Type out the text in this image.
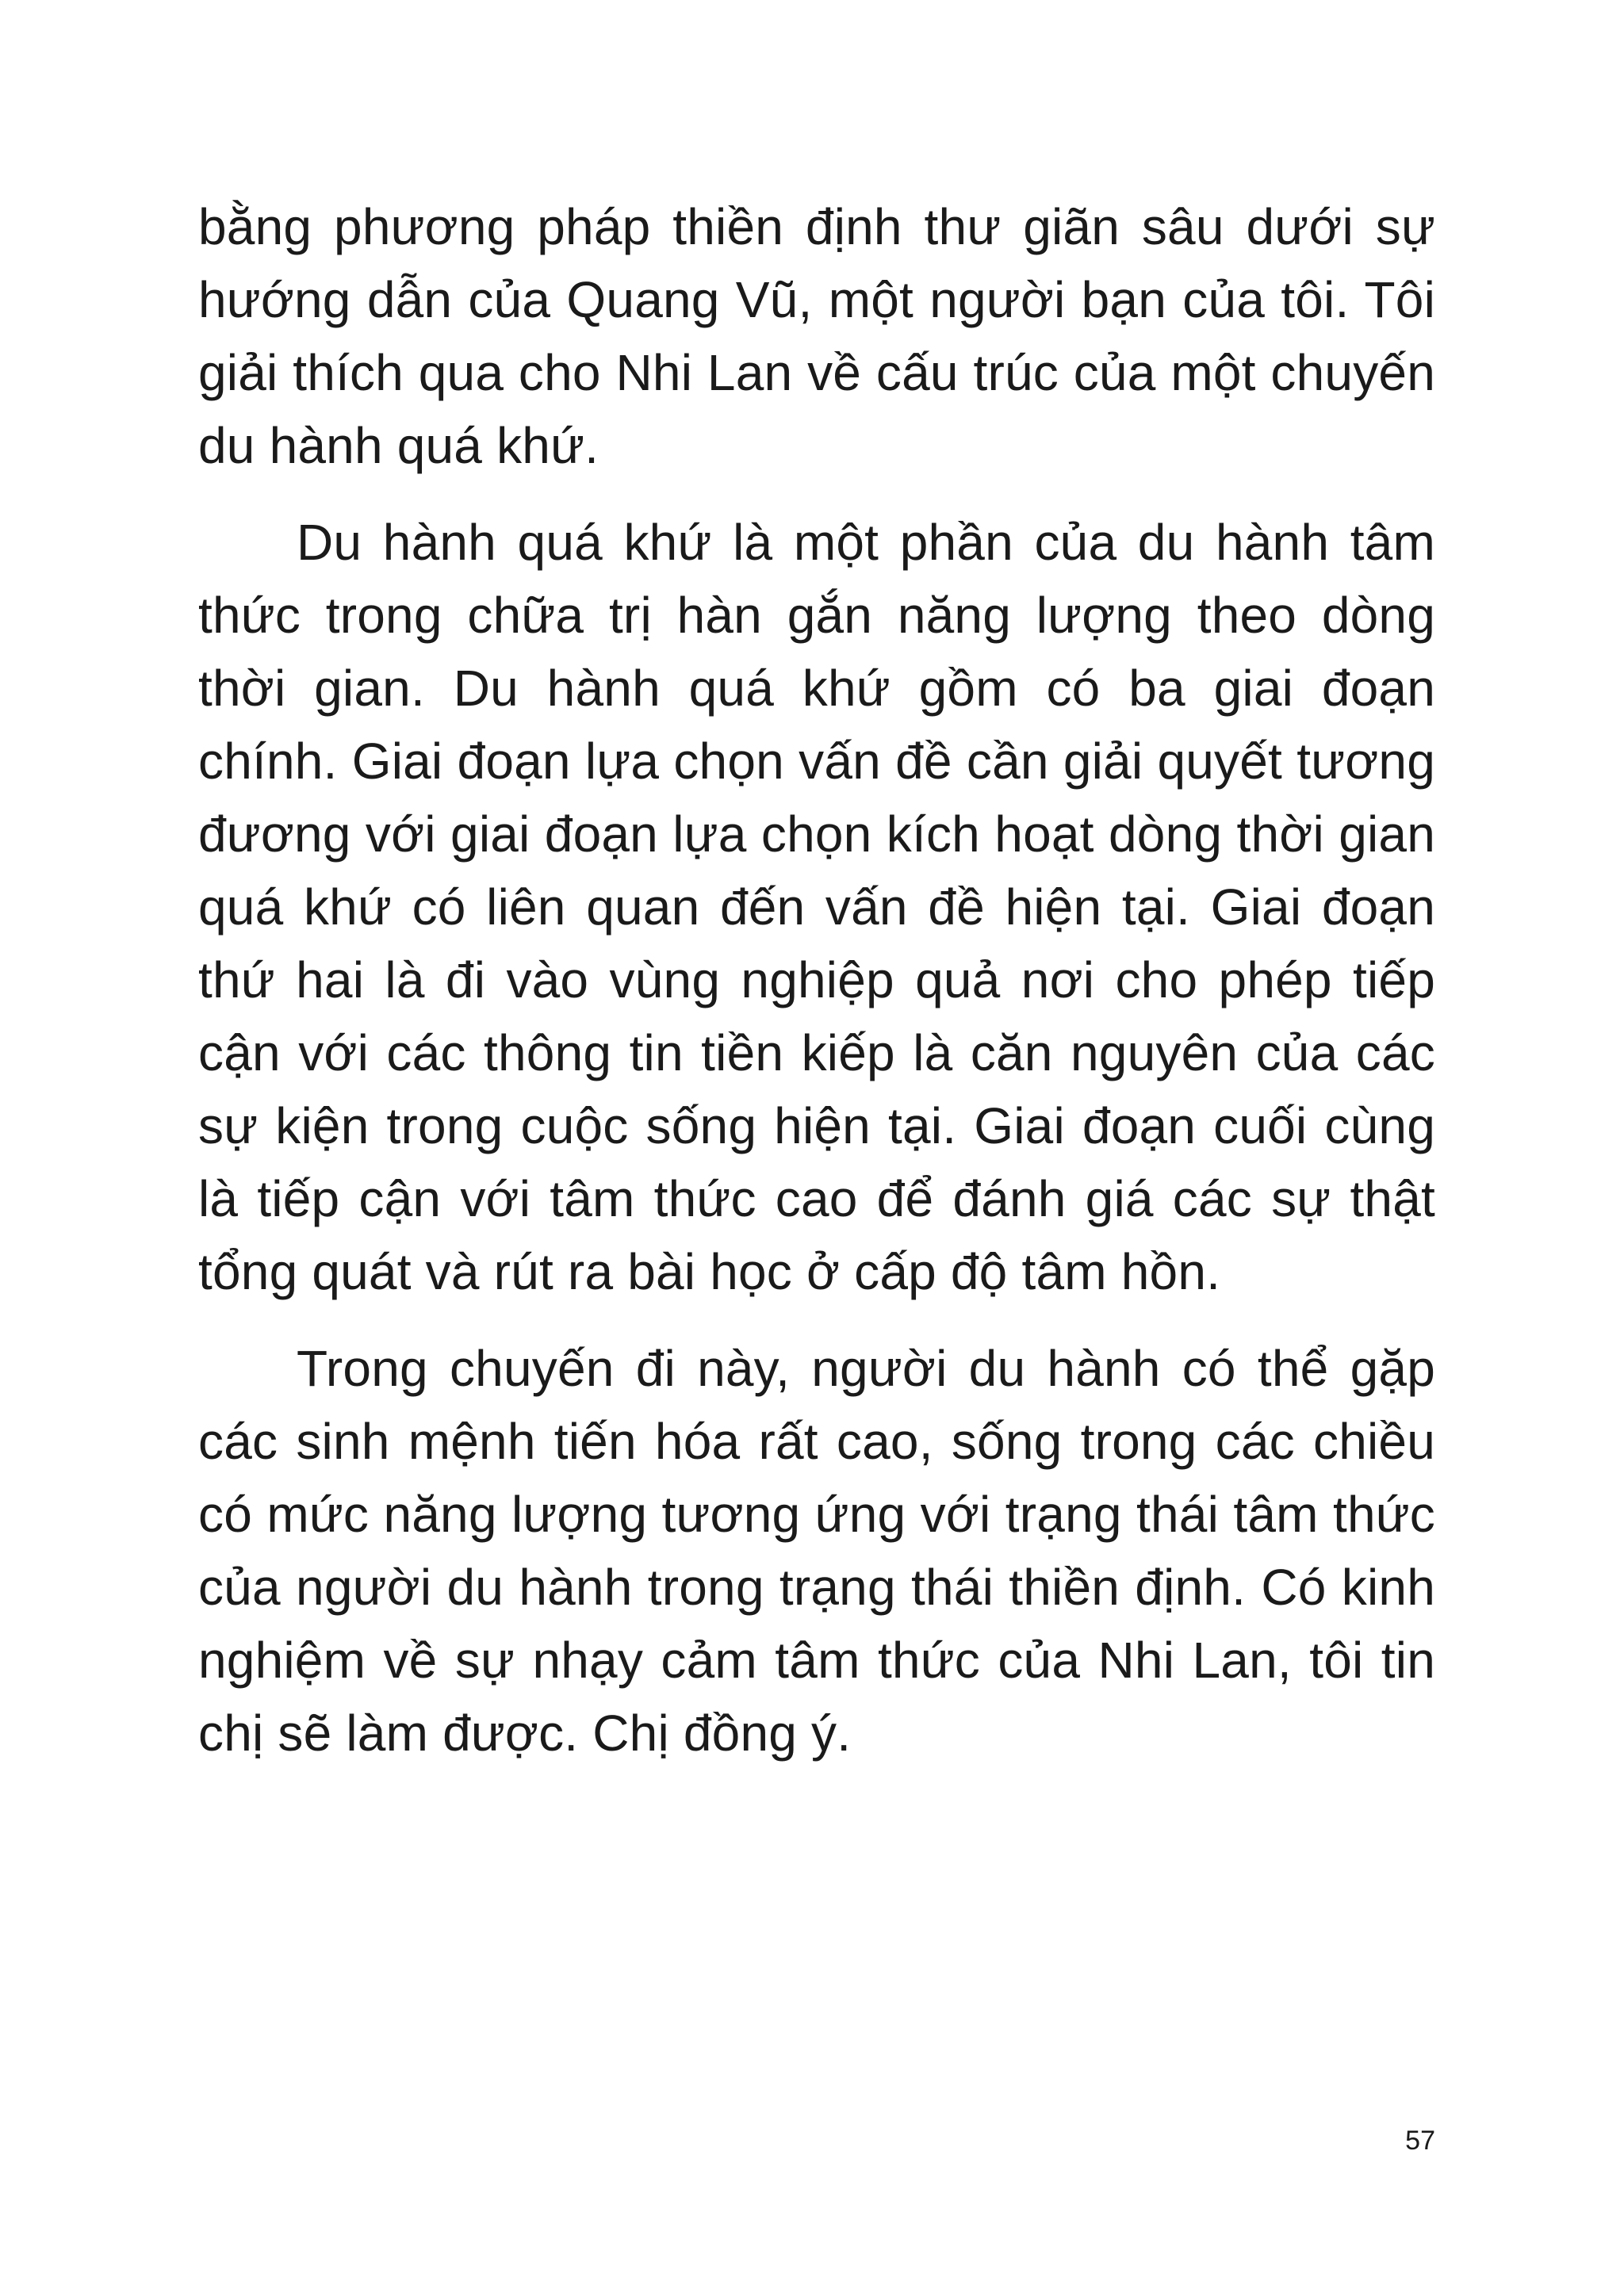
bằng phương pháp thiền định thư giãn sâu dưới sự hướng dẫn của Quang Vũ, một người bạn của tôi. Tôi giải thích qua cho Nhi Lan về cấu trúc của một chuyến du hành quá khứ.

Du hành quá khứ là một phần của du hành tâm thức trong chữa trị hàn gắn năng lượng theo dòng thời gian. Du hành quá khứ gồm có ba giai đoạn chính. Giai đoạn lựa chọn vấn đề cần giải quyết tương đương với giai đoạn lựa chọn kích hoạt dòng thời gian quá khứ có liên quan đến vấn đề hiện tại. Giai đoạn thứ hai là đi vào vùng nghiệp quả nơi cho phép tiếp cận với các thông tin tiền kiếp là căn nguyên của các sự kiện trong cuộc sống hiện tại. Giai đoạn cuối cùng là tiếp cận với tâm thức cao để đánh giá các sự thật tổng quát và rút ra bài học ở cấp độ tâm hồn.

Trong chuyến đi này, người du hành có thể gặp các sinh mệnh tiến hóa rất cao, sống trong các chiều có mức năng lượng tương ứng với trạng thái tâm thức của người du hành trong trạng thái thiền định. Có kinh nghiệm về sự nhạy cảm tâm thức của Nhi Lan, tôi tin chị sẽ làm được. Chị đồng ý.

57
